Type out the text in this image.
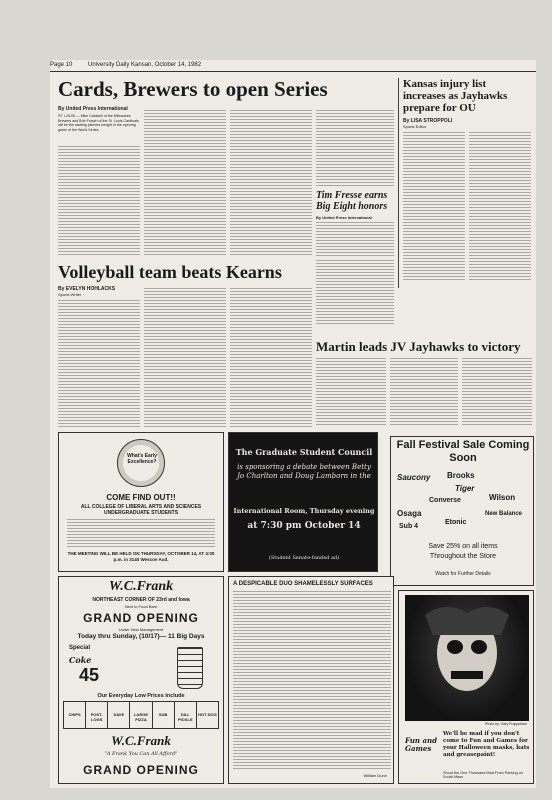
Page 10	University Daily Kansan, October 14, 1982
Cards, Brewers to open Series
By United Press International
ST. LOUIS — Mike Caldwell of the Milwaukee Brewers and Bob Forsch of the St. Louis Cardinals will be the starting pitchers tonight in the opening game of the World Series.
Tim Fresse earns Big Eight honors
By United Press International
Kansas injury list increases as Jayhawks prepare for OU
By LISA STROPPOLI
Sports Editor
Volleyball team beats Kearns
By EVELYN HOHLACKS
Sports Writer
Martin leads JV Jayhawks to victory
What's Early Excellence?
COME FIND OUT!!
ALL COLLEGE OF LIBERAL ARTS AND SCIENCES UNDERGRADUATE STUDENTS
THE MEETING WILL BE HELD ON THURSDAY, OCTOBER 14, AT 4:00 p.m. in 3140 Wescoe Aud.
The Graduate Student Council
is sponsoring a debate between Betty Jo Charlton and Doug Lamborn in the
International Room, Thursday evening
at 7:30 pm October 14
(Student Senate-funded ad)
Fall Festival Sale Coming Soon
Brooks
Saucony
Tiger
Wilson
Converse
Osaga
Etonic
New Balance
Sub 4
Save 25% on all items
Throughout the Store
Watch for Further Details
W.C.Frank
NORTHEAST CORNER OF 23rd and Iowa
Next to Food Barn
GRAND OPENING
Under New Management
Today thru Sunday, (10/17)— 11 Big Days
Special
Coke
45
Our Everyday Low Prices Include
CHIPS	POST-LOGS
SAVE	LARGE PIZZA
SUB	DILL PICKLE
HOT DOG
W.C.Frank
"A Frank You Can All Afford"
GRAND OPENING
A DESPICABLE DUO SHAMELESSLY SURFACES
William Dunn
Photo by: Gary Frappolone
We'll be mad if you don't come to Fun and Games for your Halloween masks, hats and greasepaint!
Fun and Games
Shoot the One Thousand Mad From Parking on South Mass
